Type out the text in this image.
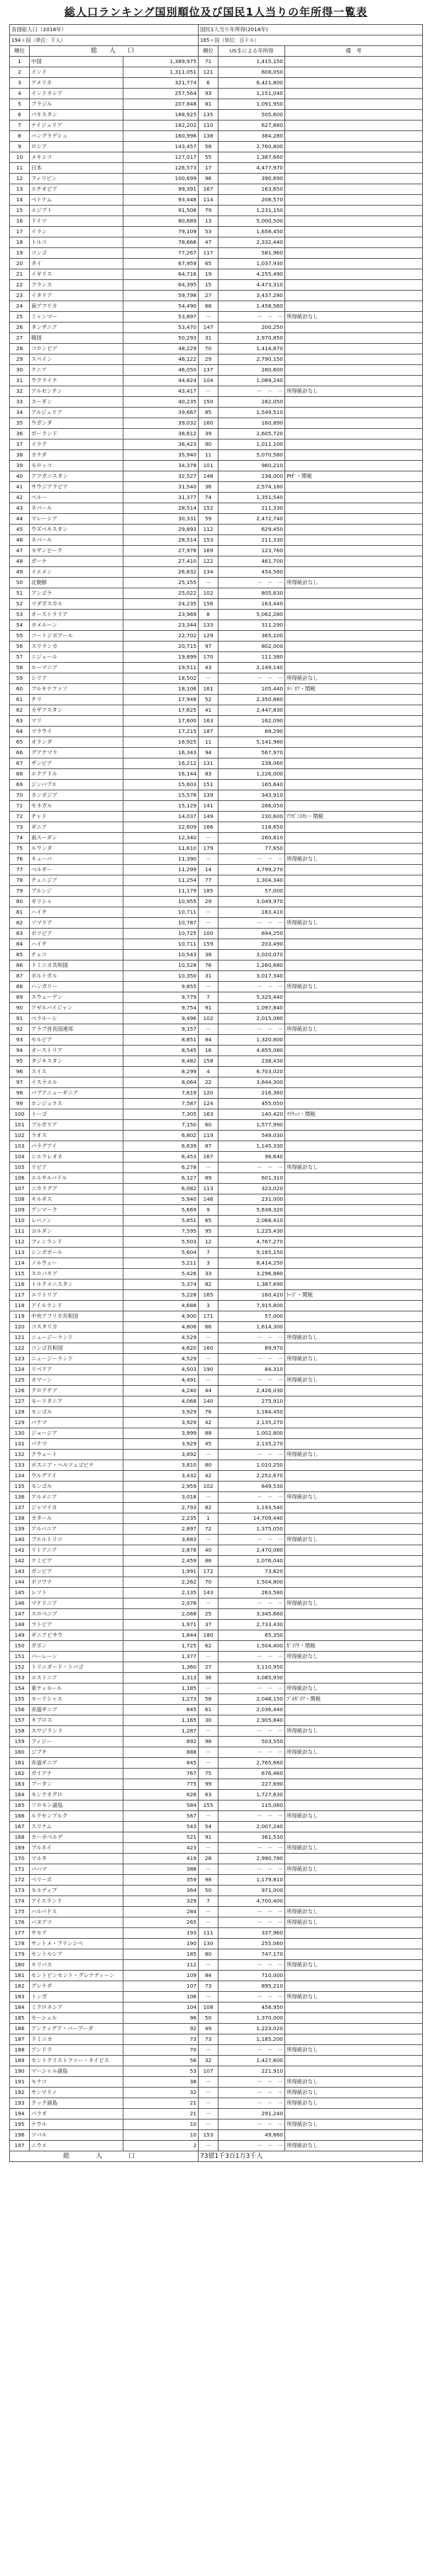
総人口ランキング国別順位及び国民1人当りの年所得一覧表
各国総人口（2018年）			国民1人当り年所得(2018年)		
194ヶ国（単位：千人）			165ヶ国（単位：百ドル）		
順位	総　人　口		順位	US＄による年所得	備　考
1	中国	1,389,975	71	1,415,150	
2	インド	1,311,051	121	608,050	
3	アメリカ	321,774	6	6,421,800	
4	インドネシア	257,564	93	1,151,040	
5	ブラジル	207,848	81	1,091,950	
6	パキスタン	188,925	135	505,600	
7	ナイジェリア	182,202	110	627,880	
8	バングラデシュ	160,996	138	384,280	
9	ロシア	143,457	58	2,760,800	
10	メキシコ	127,017	55	1,387,660	
11	日本	126,573	17	4,477,970	
12	フィリピン	100,699	96	390,690	
13	エチオピア	99,391	167	163,650	
14	ベトナム	93,448	114	208,570	
15	エジプト	91,508	79	1,231,150	
16	ドイツ	80,689	13	5,000,500	
17	イラン	79,109	53	1,658,450	
18	トルコ	78,666	47	2,332,440	
19	コンゴ	77,267	117	581,960	
20	タイ	67,959	65	1,037,930	
21	イギリス	64,716	19	4,255,490	
22	フランス	64,395	15	4,473,310	
23	イタリア	59,798	27	3,437,280	
24	南アフリカ	54,490	68	1,458,560	
25	ミャンマー	53,897	－	－　－　－	所得統計なし
26	タンザニア	53,470	147	200,250	
27	韓国	50,293	31	2,970,850	
28	コロンビア	48,229	70	1,414,870	
29	スペイン	46,122	29	2,790,150	
30	ケニア	46,050	137	280,600	
31	ウクライナ	44,824	104	1,089,240	
32	アルゼンチン	43,417	－	－　－　－	所得統計なし
33	スーダン	40,235	150	282,050	
34	アルジェリア	39,667	85	1,549,510	
35	ウガンダ	39,032	160	160,890	
36	ポーランド	38,612	39	2,605,720	
37	イラク	36,423	90	1,011,100	
38	カナダ	35,940	11	5,070,580	
39	モロッコ	34,378	101	960,210	
40	アフガニスタン	32,527	148	238,000	Ptfﾟ・関税
41	サウジアラビア	31,540	36	2,574,180	
42	ペルー	31,377	74	1,351,540	
43	ネパール	28,514	152	211,330	
44	マレーシア	30,331	59	2,472,740	
45	ウズベキスタン	29,893	112	629,450	
46	ネパール	28,514	153	211,330	
47	モザンビーク	27,978	169	123,760	
48	ガーナ	27,410	122	461,700	
49	イエメン	26,832	134	454,580	
50	北朝鮮	25,155	－	－　－　－	所得統計なし
51	アンゴラ	25,022	102	805,630	
52	マダガスカル	24,235	156	163,440	
53	オーストラリア	23,969	8	5,062,280	
54	カメルーン	23,344	133	311,290	
55	コートジボアール	22,702	129	365,100	
56	スリランカ	20,715	97	802,000	
57	ニジェール	19,899	170	111,380	
58	ルーマニア	19,511	43	2,149,140	
59	シリア	18,502	－	－　－　－	所得統計なし
60	ブルキナファソ	18,106	161	105,440	ﾘﾍﾟﾘｱ・関税
61	チリ	17,948	52	2,350,860	
62	カザフスタン	17,625	41	2,447,830	
63	マリ	17,600	163	162,090	
64	マラウイ	17,215	187	89,290	
65	オランダ	16,925	11	5,141,980	
66	グアテマラ	16,343	94	567,970	
67	ザンビア	16,212	131	238,060	
68	エクアドル	16,144	83	1,226,000	
69	ジンバブエ	15,603	151	165,640	
70	カンボジア	15,578	139	343,910	
71	セネガル	15,129	141	266,050	
72	チャド	14,037	149	230,600	ｱﾌｶﾞﾆｽﾀﾝ・関税
73	ギニア	12,609	166	118,650	
74	南スーダン	12,340	－	260,810	
75	ルワンダ	11,610	179	77,650	
76	キューバ	11,390	－	－　－　－	所得統計なし
77	ベルギー	11,299	14	4,799,270	
78	チュニジア	11,254	77	1,304,340	
79	ブルンジ	11,179	185	57,000	
80	ギリシャ	10,955	29	3,049,970	
81	ハイチ	10,711	－	183,410	
82	ソマリア	10,787	－	－　－　－	所得統計なし
83	ボリビア	10,725	100	694,250	
84	ハイチ	10,711	159	203,490	
85	チェコ	10,543	38	3,020,070	
86	ドミニカ共和国	10,528	76	1,260,680	
87	ポルトガル	10,350	31	3,017,340	
88	ハンガリー	9,855	－	－　－　－	所得統計なし
89	スウェーデン	9,779	7	5,325,440	
90	アゼルバイジャン	9,754	91	1,097,840	
91	ベラルーシ	9,496	102	2,015,080	
92	アラブ首長国連邦	9,157	－	－　－　－	所得統計なし
93	セルビア	8,851	84	1,320,800	
94	オーストリア	8,545	16	4,855,080	
95	タジキスタン	8,482	158	238,430	
96	スイス	8,299	4	6,703,020	
97	イスラエル	8,064	22	3,644,300	
98	パプアニューギニア	7,619	120	216,360	
99	ホンジュラス	7,587	124	455,050	
100	トーゴ	7,305	163	140,420	ﾏﾗｳｨｲ・関税
101	ブルガリア	7,150	60	1,577,990	
102	ラオス	6,802	119	549,030	
103	パラグアイ	6,639	87	1,145,330	
104	シエラレオネ	6,453	167	98,640	
105	リビア	6,278	－	－　－　－	所得統計なし
106	エルサルバドル	6,127	89	601,310	
107	ニカラグア	6,082	113	323,020	
108	キルギス	5,940	146	231,000	
109	デンマーク	5,669	9	5,638,320	
110	レバノン	5,851	65	2,068,410	
111	ヨルダン	7,595	95	1,225,430	
112	フィンランド	5,503	12	4,767,270	
113	シンガポール	5,604	7	9,165,150	
114	ノルウェー	5,211	3	8,414,250	
115	スロバキア	5,426	33	3,296,880	
116	トルクメニスタン	5,374	82	1,387,690	
117	エリトリア	5,228	165	160,420	ﾄｰｺﾞ・関税
118	アイルランド	4,688	3	7,915,800	
119	中央アフリカ共和国	4,900	171	57,000	
120	コスタリカ	4,808	66	1,614,300	
121	ニュージーランド	4,529	－	－　－　－	所得統計なし
122	コンゴ共和国	4,620	160	89,970	
123	ニュージーランド	4,529	－	－　－　－	所得統計なし
124	リベリア	4,503	190	84,310	
125	オマーン	4,491	－	－　－　－	所得統計なし
126	クロアチア	4,240	44	2,426,030	
127	モーリタニア	4,068	140	275,910	
128	モンゴル	3,929	76	1,184,450	
129	パナマ	3,929	42	2,135,270	
130	ジョージア	3,999	88	1,002,800	
131	パナマ	3,929	45	2,135,270	
132	クウェート	3,892	－	－　－　－	所得統計なし
133	ボスニア・ヘルツェゴビナ	3,810	80	1,010,250	
134	ウルグアイ	3,432	42	2,252,670	
135	モンゴル	2,959	102	849,530	
136	アルメニア	3,018	－	－　－　－	所得統計なし
137	ジャマイカ	2,793	82	1,193,540	
138	カタール	2,235	1	14,709,440	
139	アルバニア	2,897	72	1,375,050	
140	プエルトリコ	3,683	－	－　－　－	所得統計なし
141	リトアニア	2,878	40	2,470,080	
142	ナミビア	2,459	86	1,076,040	
143	ガンビア	1,991	172	73,620	
144	ボツワナ	2,262	70	1,504,800	
145	レソト	2,135	143	263,580	
146	マケドニア	2,078	－	－　－　－	所得統計なし
147	スロベニア	2,068	25	3,345,660	
148	ラトビア	1,971	37	2,733,430	
149	ギニアビサウ	1,844	180	65,350	
150	ガボン	1,725	62	1,504,400	ｶﾞｲｱﾅ・関税
151	バーレーン	1,377	－	－　－　－	所得統計なし
152	トリニダード・トバゴ	1,360	27	3,110,950	
153	エストニア	1,313	36	3,085,930	
154	東ティモール	1,185	－	－　－　－	所得統計なし
155	モーリシャス	1,273	58	2,048,150	ﾌﾞﾙｶﾞﾘｱ・関税
156	赤道ギニア	845	61	2,036,440	
157	キプロス	1,165	30	2,905,840	
158	スワジランド	1,287	－	－　－　－	所得統計なし
159	フィジー	892	98	503,550	
160	ジブチ	888	－	－　－　－	所得統計なし
161	赤道ギニア	845	－	2,765,660	
162	ガイアナ	767	75	676,460	
163	ブータン	775	99	227,690	
164	モンテネグロ	626	63	1,727,630	
165	ソロモン諸島	584	155	115,080	
166	ルクセンブルク	567	－	－　－　－	所得統計なし
167	スリナム	543	54	2,007,240	
168	カーボベルデ	521	91	361,530	
169	ブルネイ	423	－	－　－　－	所得統計なし
170	マルタ	419	28	2,990,780	
171	バハマ	388	－	－　－　－	所得統計なし
172	ベリーズ	359	98	1,179,810	
173	モルディブ	364	50	971,000	
174	アイスランド	329	7	4,700,400	
175	バルバドス	284	－	－　－　－	所得統計なし
176	バヌアツ	265	－	－　－　－	所得統計なし
177	サモア	193	111	337,960	
178	サントメ・プリンシペ	190	130	255,060	
179	セントルシア	185	80	747,170	
180	キリバス	112	－	－　－　－	所得統計なし
181	セントビンセント・グレナディーン	109	84	710,000	
182	グレナダ	107	73	895,210	
183	トンガ	106	－	－　－　－	所得統計なし
184	ミクロネシア	104	108	458,950	
185	セーシェル	96	50	1,370,000	
186	アンティグア・バーブーダ	92	49	1,223,020	
187	ドミニカ	73	73	1,185,200	
188	アンドラ	70	－	－　－　－	所得統計なし
189	セントクリストファー・ネイビス	56	32	1,427,600	
190	マーシャル諸島	53	107	221,910	
191	モナコ	38	－	－　－　－	所得統計なし
192	サンマリノ	32	－	－　－　－	所得統計なし
193	クック諸島	21	－	－　－　－	所得統計なし
194	パラオ	21	－	291,240	
195	ナウル	10	－	－　－　－	所得統計なし
196	ツバル	10	153	49,660	
197	ニウエ	2	－	－　－　－	所得統計なし
総　人　口			73億1千3百1万3千人		
